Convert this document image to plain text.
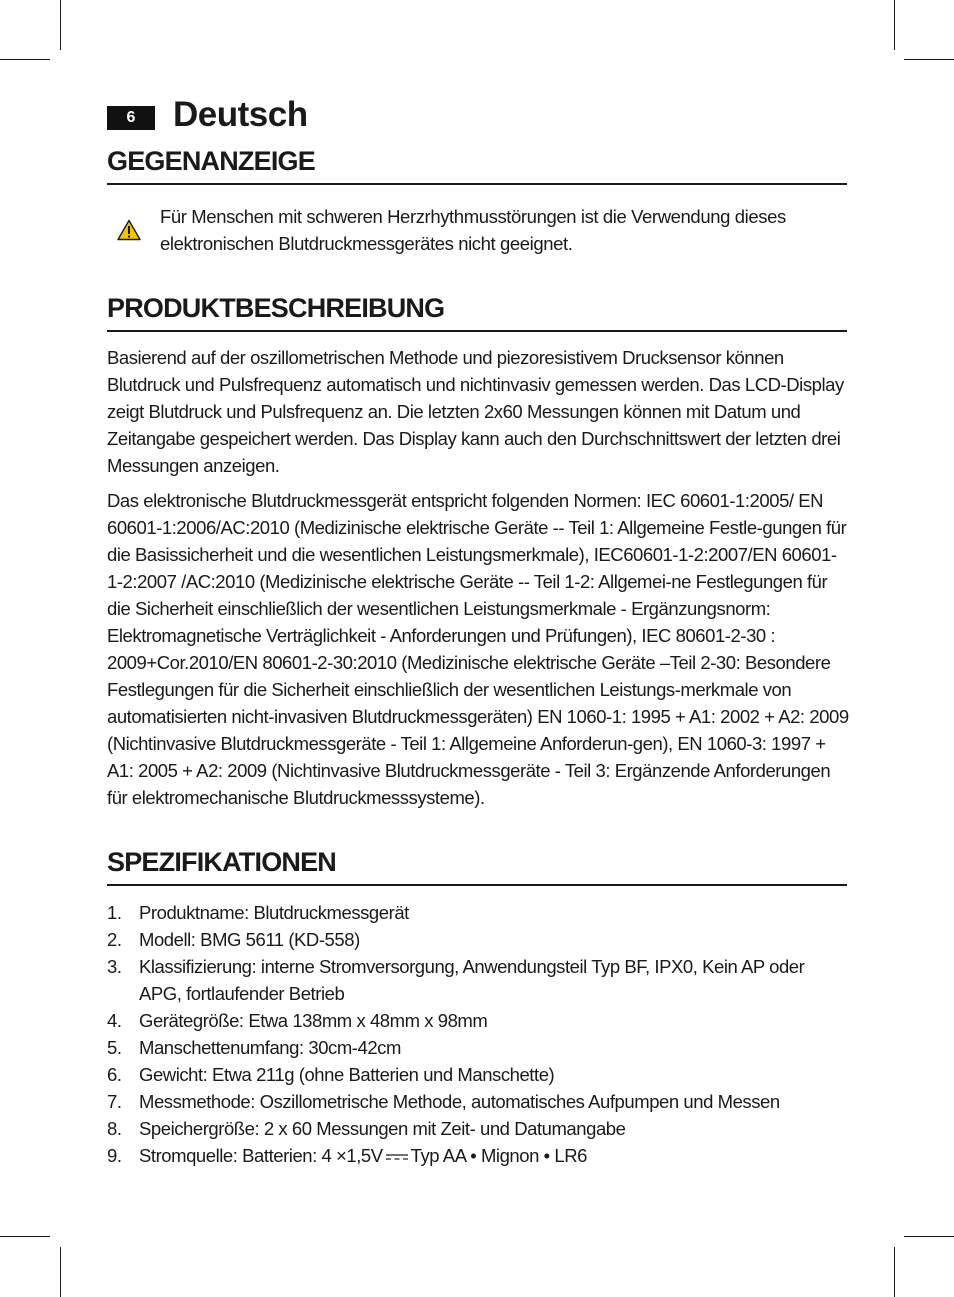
6	Deutsch
GEGENANZEIGE
Für Menschen mit schweren Herzrhythmusstörungen ist die Verwendung dieses elektronischen Blutdruckmessgerätes nicht geeignet.
PRODUKTBESCHREIBUNG

Basierend auf der oszillometrischen Methode und piezoresistivem Drucksensor können Blutdruck und Pulsfrequenz automatisch und nichtinvasiv gemessen werden. Das LCD-Display zeigt Blutdruck und Pulsfrequenz an. Die letzten 2x60 Messungen können mit Datum und Zeitangabe gespeichert werden. Das Display kann auch den Durchschnittswert der letzten drei Messungen anzeigen.

Das elektronische Blutdruckmessgerät entspricht folgenden Normen: IEC 60601-1:2005/ EN 60601-1:2006/AC:2010 (Medizinische elektrische Geräte -- Teil 1: Allgemeine Festle-gungen für die Basissicherheit und die wesentlichen Leistungsmerkmale), IEC60601-1-2:2007/EN 60601-1-2:2007 /AC:2010 (Medizinische elektrische Geräte -- Teil 1-2: Allgemei-ne Festlegungen für die Sicherheit einschließlich der wesentlichen Leistungsmerkmale - Ergänzungsnorm: Elektromagnetische Verträglichkeit - Anforderungen und Prüfungen), IEC 80601-2-30 : 2009+Cor.2010/EN 80601-2-30:2010 (Medizinische elektrische Geräte –Teil 2-30: Besondere Festlegungen für die Sicherheit einschließlich der wesentlichen Leistungs-merkmale von automatisierten nicht-invasiven Blutdruckmessgeräten) EN 1060-1: 1995 + A1: 2002 + A2: 2009 (Nichtinvasive Blutdruckmessgeräte - Teil 1: Allgemeine Anforderun-gen), EN 1060-3: 1997 + A1: 2005 + A2: 2009 (Nichtinvasive Blutdruckmessgeräte - Teil 3: Ergänzende Anforderungen für elektromechanische Blutdruckmesssysteme).

SPEZIFIKATIONEN
1. Produktname: Blutdruckmessgerät
2. Modell: BMG 5611 (KD-558)
3. Klassifizierung: interne Stromversorgung, Anwendungsteil Typ BF, IPX0, Kein AP oder APG, fortlaufender Betrieb
4. Gerätegröße: Etwa 138mm x 48mm x 98mm
5. Manschettenumfang: 30cm-42cm
6. Gewicht: Etwa 211g (ohne Batterien und Manschette)
7. Messmethode: Oszillometrische Methode, automatisches Aufpumpen und Messen
8. Speichergröße: 2 x 60 Messungen mit Zeit- und Datumangabe
9. Stromquelle: Batterien: 4 ×1,5V Typ AA • Mignon • LR6
